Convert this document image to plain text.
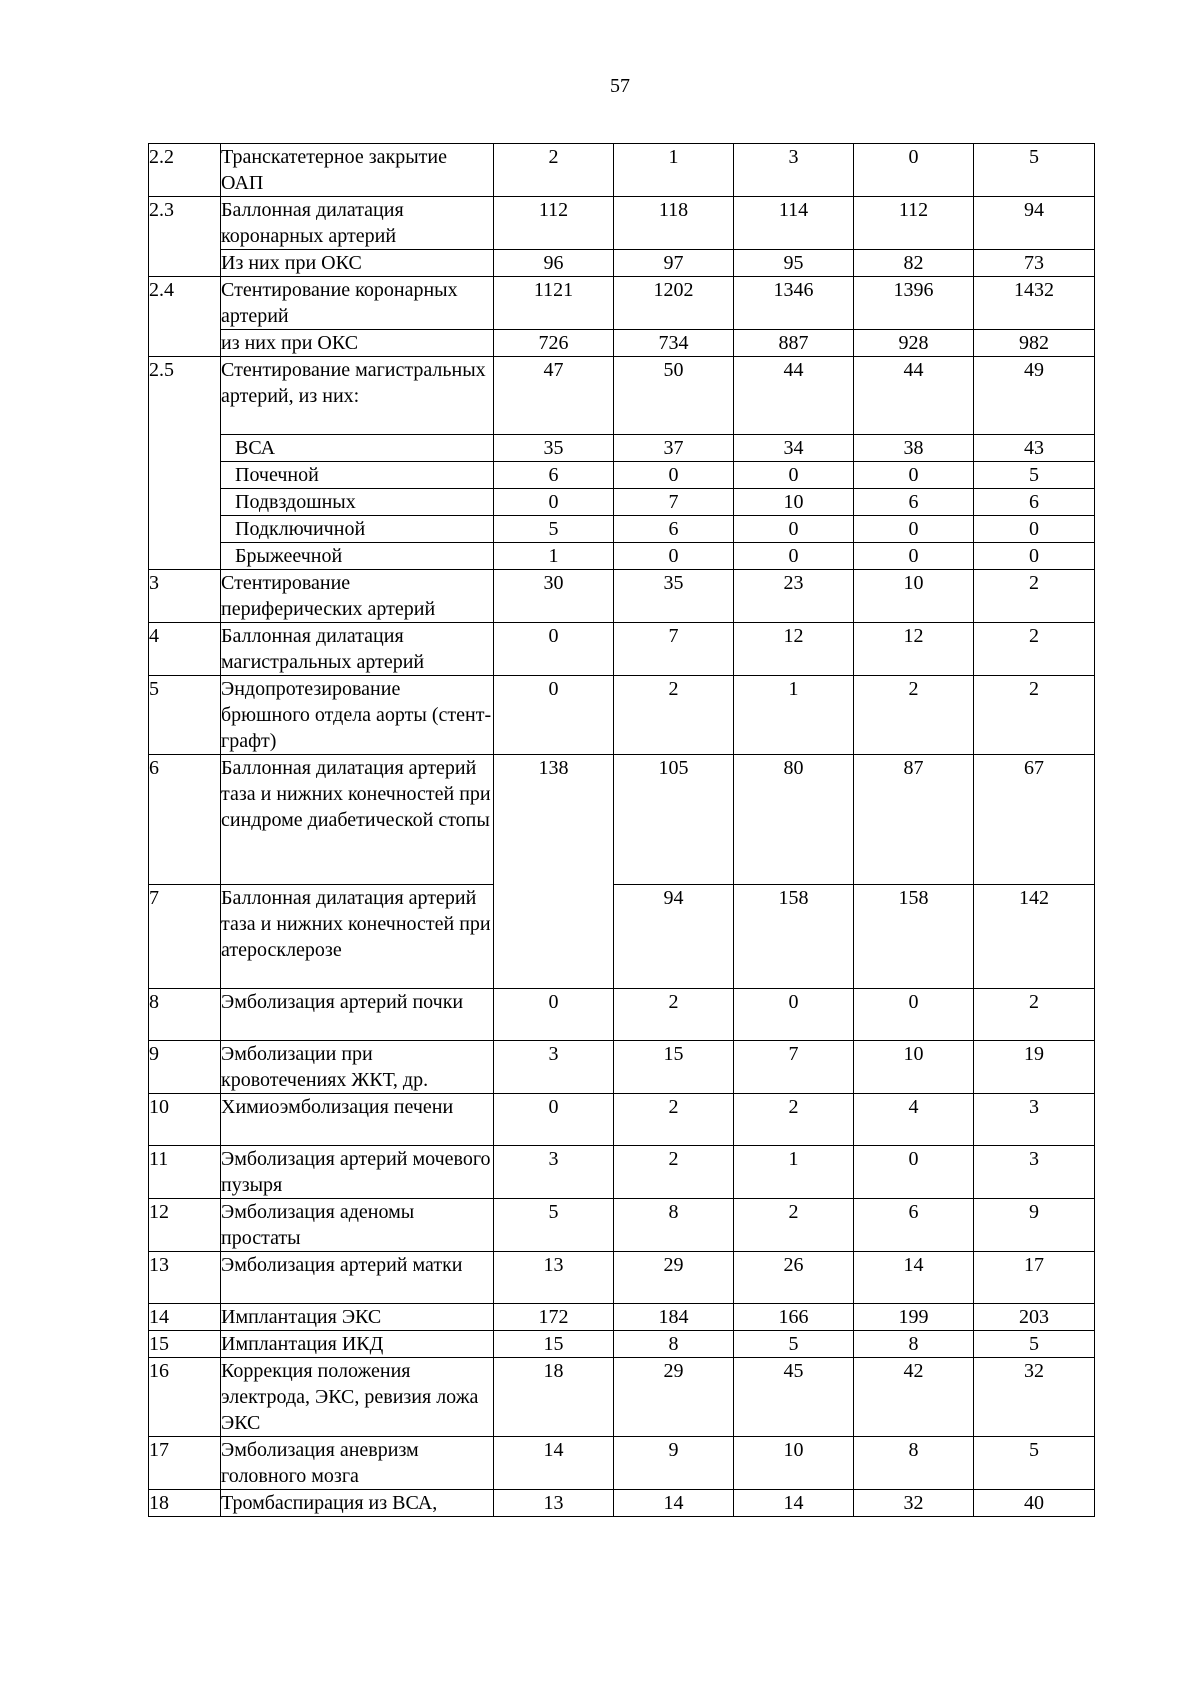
57
2.2	Транскатетерное закрытие ОАП	2	1	3	0	5
2.3	Баллонная дилатация коронарных артерий	112	118	114	112	94
	Из них при ОКС	96	97	95	82	73
2.4	Стентирование коронарных артерий	1121	1202	1346	1396	1432
	из них при ОКС	726	734	887	928	982
2.5	Стентирование магистральных артерий, из них:	47	50	44	44	49
	ВСА	35	37	34	38	43
	Почечной	6	0	0	0	5
	Подвздошных	0	7	10	6	6
	Подключичной	5	6	0	0	0
	Брыжеечной	1	0	0	0	0
3	Стентирование периферических артерий	30	35	23	10	2
4	Баллонная дилатация магистральных артерий	0	7	12	12	2
5	Эндопротезирование брюшного отдела аорты (стент-графт)	0	2	1	2	2
6	Баллонная дилатация артерий таза и нижних конечностей при синдроме диабетической стопы	138	105	80	87	67
7	Баллонная дилатация артерий таза и нижних конечностей при атеросклерозе		94	158	158	142
8	Эмболизация артерий почки	0	2	0	0	2
9	Эмболизации при кровотечениях ЖКТ, др.	3	15	7	10	19
10	Химиоэмболизация печени	0	2	2	4	3
11	Эмболизация артерий мочевого пузыря	3	2	1	0	3
12	Эмболизация аденомы простаты	5	8	2	6	9
13	Эмболизация артерий матки	13	29	26	14	17
14	Имплантация ЭКС	172	184	166	199	203
15	Имплантация ИКД	15	8	5	8	5
16	Коррекция положения электрода, ЭКС, ревизия ложа ЭКС	18	29	45	42	32
17	Эмболизация аневризм головного мозга	14	9	10	8	5
18	Тромбаспирация из ВСА,	13	14	14	32	40
